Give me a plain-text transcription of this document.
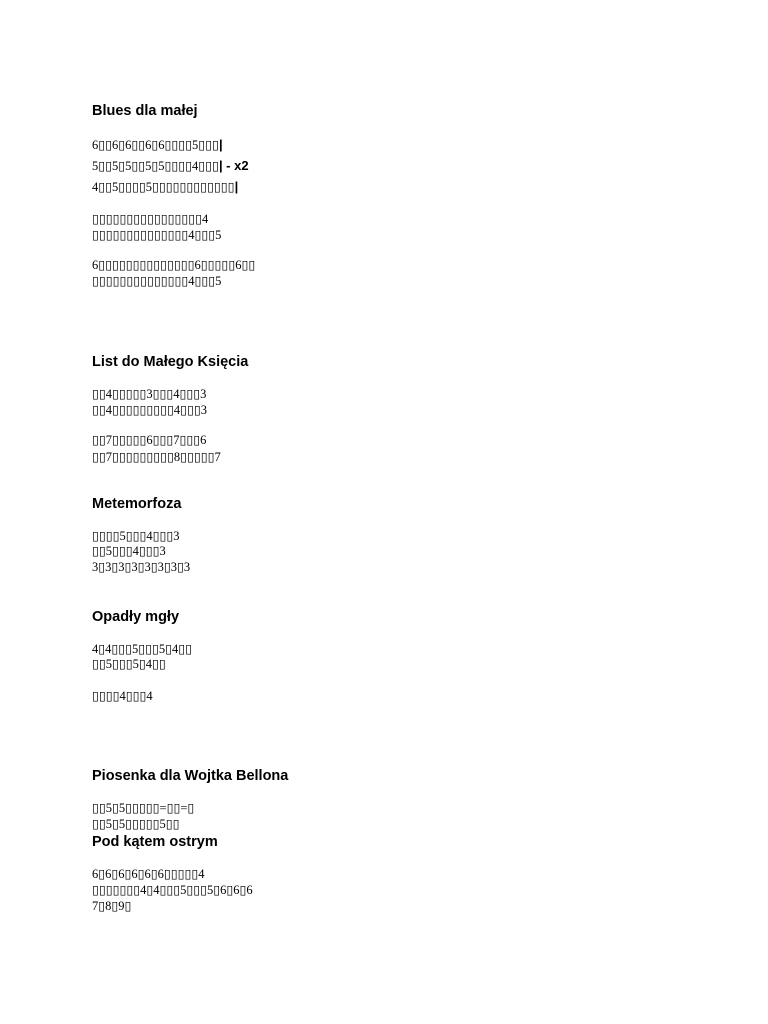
Blues dla małej
6▯▯6▯6▯▯6▯6▯▯▯▯5▯▯▯|
5▯▯5▯5▯▯5▯5▯▯▯▯4▯▯▯| - x2
4▯▯5▯▯▯▯5▯▯▯▯▯▯▯▯▯▯▯▯|
▯▯▯▯▯▯▯▯▯▯▯▯▯▯▯▯4
▯▯▯▯▯▯▯▯▯▯▯▯▯▯4▯▯▯5
6▯▯▯▯▯▯▯▯▯▯▯▯▯▯6▯▯▯▯▯6▯▯
▯▯▯▯▯▯▯▯▯▯▯▯▯▯4▯▯▯5
List do Małego Księcia
▯▯4▯▯▯▯▯3▯▯▯4▯▯▯3
▯▯4▯▯▯▯▯▯▯▯▯4▯▯▯3
▯▯7▯▯▯▯▯6▯▯▯7▯▯▯6
▯▯7▯▯▯▯▯▯▯▯▯8▯▯▯▯▯7
Metemorfoza
▯▯▯▯5▯▯▯4▯▯▯3
▯▯5▯▯▯4▯▯▯3
3▯3▯3▯3▯3▯3▯3▯3
Opadły mgły
4▯4▯▯▯5▯▯▯5▯4▯▯
▯▯5▯▯▯5▯4▯▯
▯▯▯▯4▯▯▯4
Piosenka dla Wojtka Bellona
▯▯5▯5▯▯▯▯▯=▯▯=▯
▯▯5▯5▯▯▯▯▯5▯▯
Pod kątem ostrym
6▯6▯6▯6▯6▯6▯▯▯▯▯4
▯▯▯▯▯▯▯4▯4▯▯▯5▯▯▯5▯6▯6▯6
7▯8▯9▯
